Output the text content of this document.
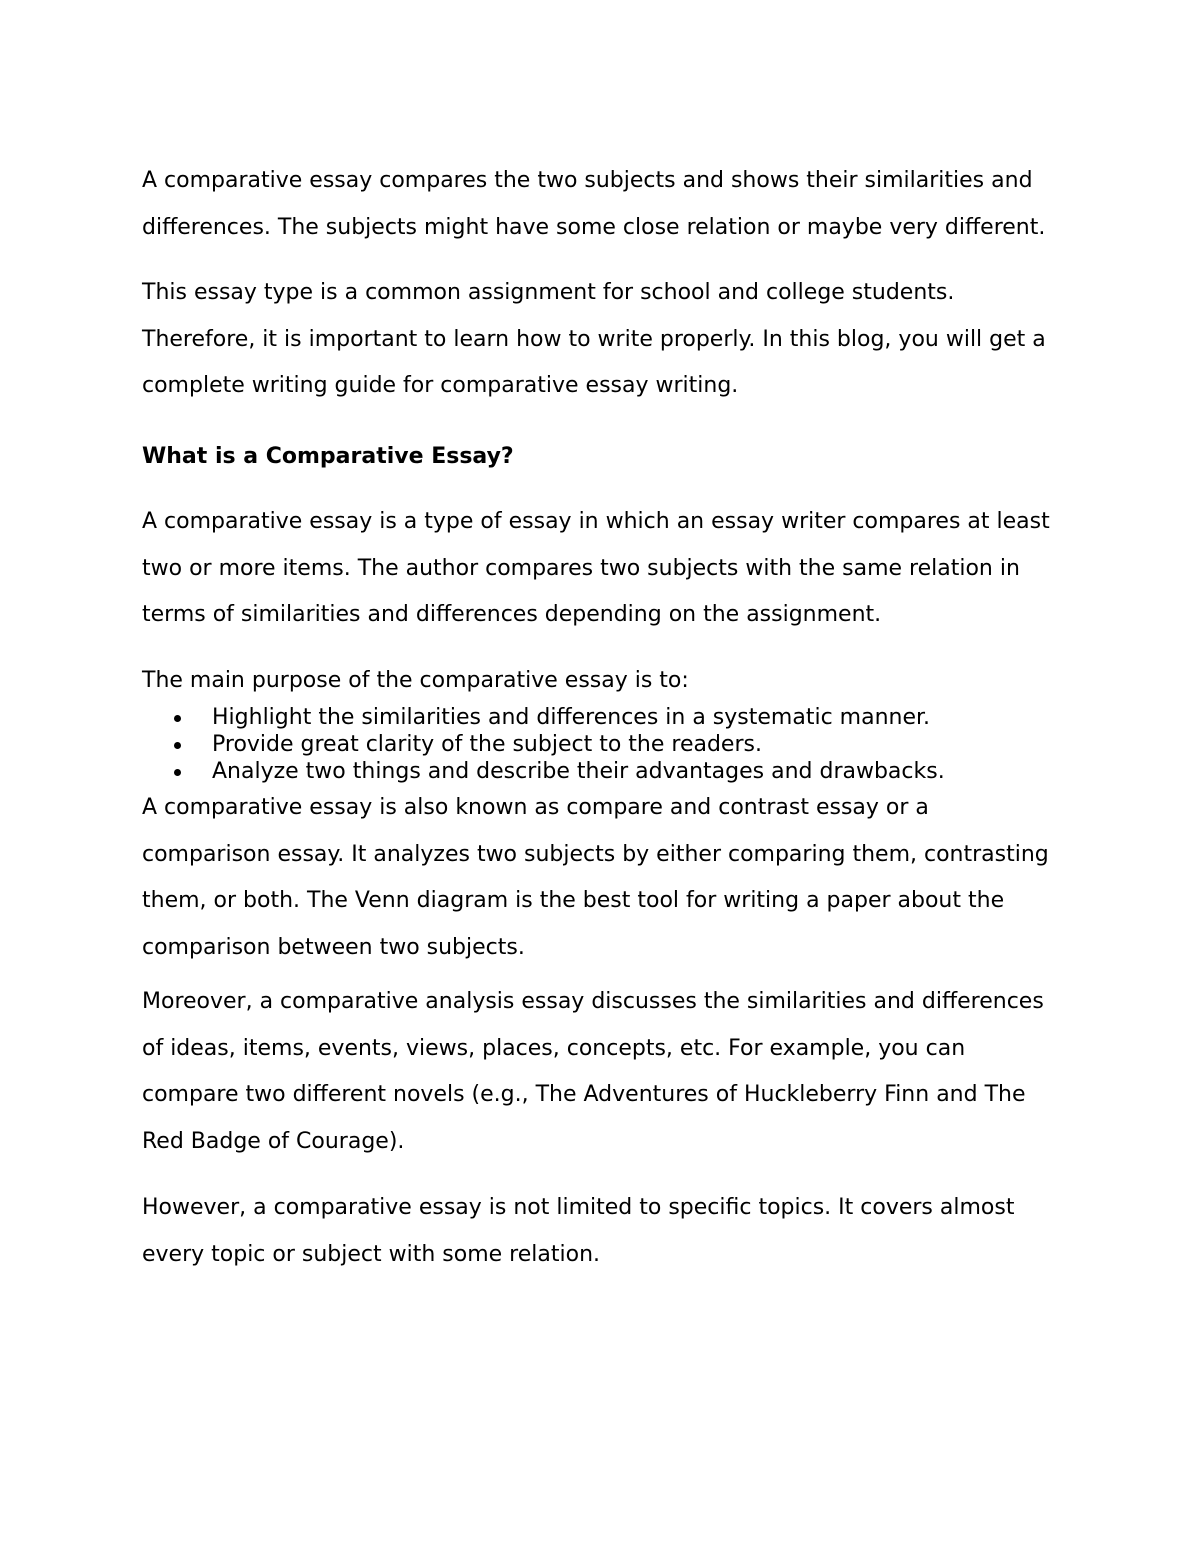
A comparative essay compares the two subjects and shows their similarities and differences. The subjects might have some close relation or maybe very different.

This essay type is a common assignment for school and college students. Therefore, it is important to learn how to write properly. In this blog, you will get a complete writing guide for comparative essay writing.

What is a Comparative Essay?

A comparative essay is a type of essay in which an essay writer compares at least two or more items. The author compares two subjects with the same relation in terms of similarities and differences depending on the assignment.

The main purpose of the comparative essay is to:

Highlight the similarities and differences in a systematic manner.
Provide great clarity of the subject to the readers.
Analyze two things and describe their advantages and drawbacks.

A comparative essay is also known as compare and contrast essay or a comparison essay. It analyzes two subjects by either comparing them, contrasting them, or both. The Venn diagram is the best tool for writing a paper about the comparison between two subjects.

Moreover, a comparative analysis essay discusses the similarities and differences of ideas, items, events, views, places, concepts, etc. For example, you can compare two different novels (e.g., The Adventures of Huckleberry Finn and The Red Badge of Courage).

However, a comparative essay is not limited to specific topics. It covers almost every topic or subject with some relation.
